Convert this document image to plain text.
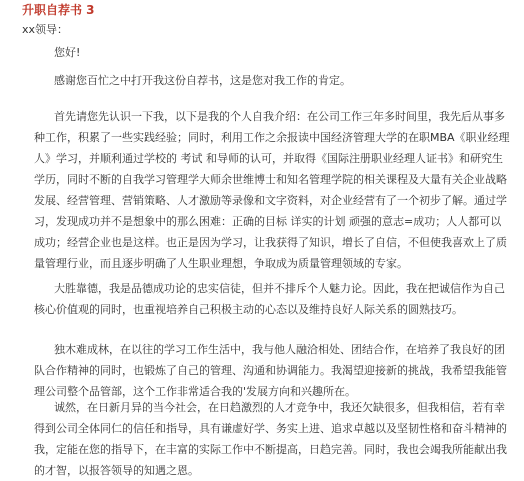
升职自荐书 3
xx领导：

您好!

感谢您百忙之中打开我这份自荐书，这是您对我工作的肯定。

首先请您先认识一下我，以下是我的个人自我介绍：在公司工作三年多时间里，我先后从事多种工作，积累了一些实践经验；同时，利用工作之余报读中国经济管理大学的在职MBA《职业经理人》学习，并顺利通过学校的 考试 和导师的认可，并取得《国际注册职业经理人证书》和研究生学历，同时不断的自我学习管理学大师余世维博士和知名管理学院的相关课程及大量有关企业战略发展、经营管理、营销策略、人才激励等录像和文字资料，对企业经营有了一个初步了解。通过学习，发现成功并不是想象中的那么困难：正确的目标 详实的计划 顽强的意志=成功；人人都可以成功；经营企业也是这样。也正是因为学习，让我获得了知识，增长了自信，不但使我喜欢上了质量管理行业，而且逐步明确了人生职业理想，争取成为质量管理领域的专家。

大胜靠德，我是品德成功论的忠实信徒，但并不排斥个人魅力论。因此，我在把诚信作为自己核心价值观的同时，也重视培养自己积极主动的心态以及维持良好人际关系的圆熟技巧。

独木难成林，在以往的学习工作生活中，我与他人融洽相处、团结合作，在培养了我良好的团队合作精神的同时，也锻炼了自己的管理、沟通和协调能力。我渴望迎接新的挑战，我希望我能管理公司整个品管部，这个工作非常适合我的'发展方向和兴趣所在。

诚然，在日新月异的当今社会，在日趋激烈的人才竞争中，我还欠缺很多，但我相信，若有幸得到公司全体同仁的信任和指导，具有谦虚好学、务实上进、追求卓越以及坚韧性格和奋斗精神的我，定能在您的指导下，在丰富的实际工作中不断提高，日趋完善。同时，我也会竭我所能献出我的才智，以报答领导的知遇之恩。
